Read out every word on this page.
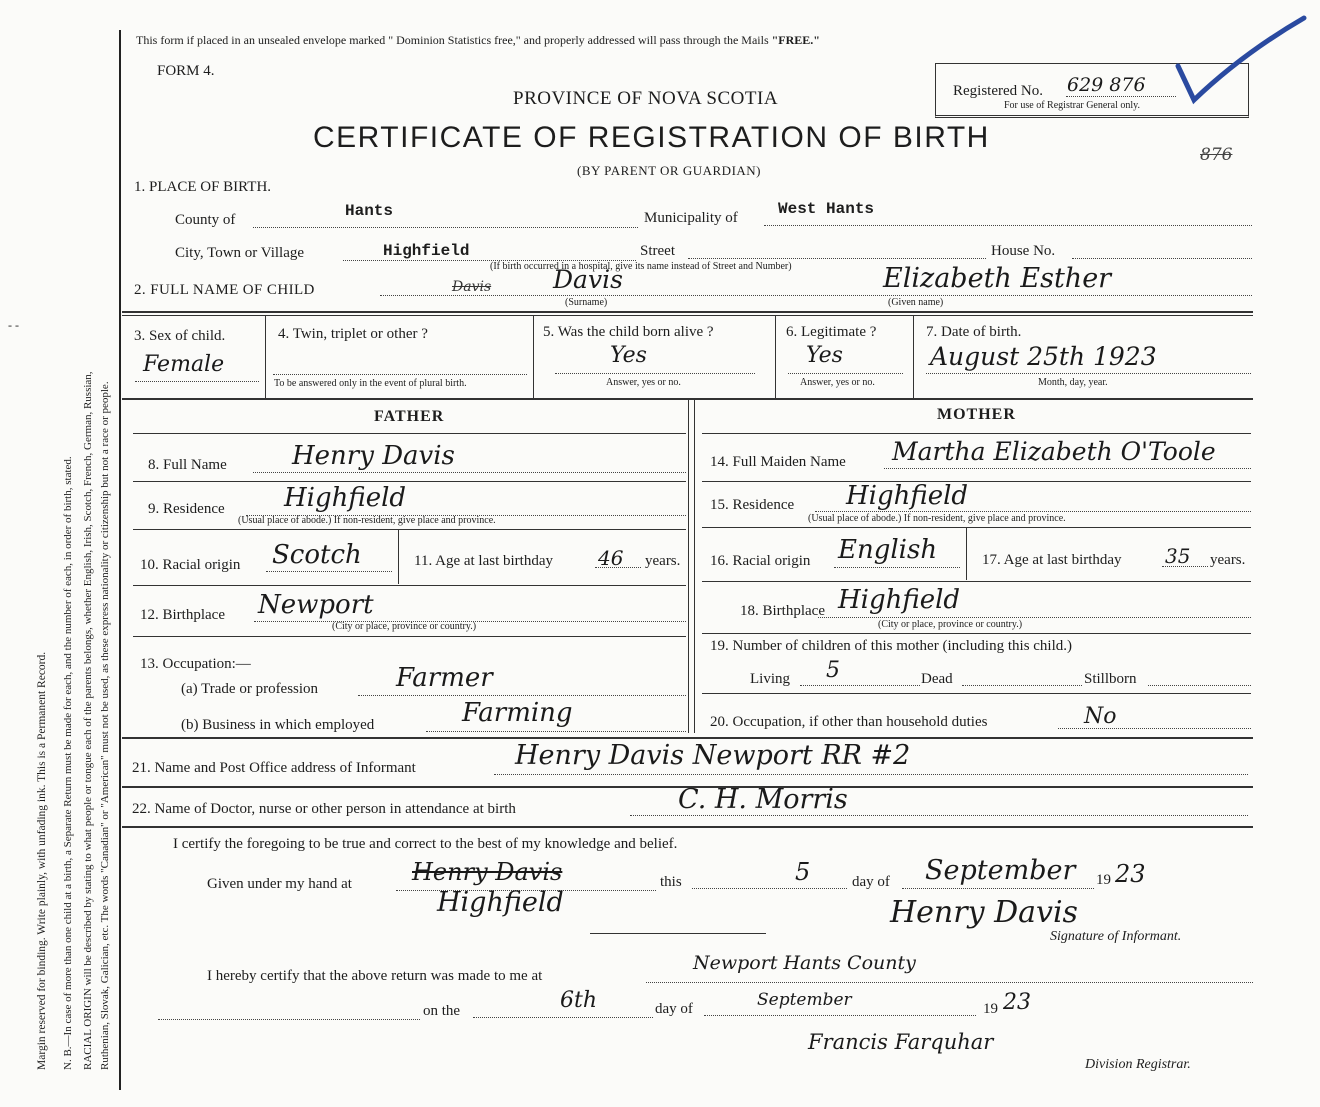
Margin reserved for binding. Write plainly, with unfading ink. This is a Permanent Record. N. B.—In case of more than one child at a birth, a Separate Return must be made for each, and the number of each, in order of birth, stated. RACIAL ORIGIN will be described by stating to what people or tongue each of the parents belongs, whether English, Irish, Scotch, French, German, Russian, Ruthenian, Slovak, Galician, etc. The words "Canadian" or "American" must not be used, as these express nationality or citizenship but not a race or people.
- -
This form if placed in an unsealed envelope marked " Dominion Statistics free," and properly addressed will pass through the Mails "FREE."
FORM 4.
PROVINCE OF NOVA SCOTIA
CERTIFICATE OF REGISTRATION OF BIRTH
(BY PARENT OR GUARDIAN)
Registered No. 629 876
For use of Registrar General only.
876
1. PLACE OF BIRTH.
County of	Hants	Municipality of	West Hants
City, Town or Village	Highfield	Street	House No.
(If birth occurred in a hospital, give its name instead of Street and Number)
2. FULL NAME OF CHILD	Davis Davis
(Surname)
Elizabeth Esther
(Given name)
3. Sex of child.
Female
4. Twin, triplet or other ?
To be answered only in the event of plural birth.
5. Was the child born alive ?
Yes
Answer, yes or no.
6. Legitimate ?
Yes
Answer, yes or no.
7. Date of birth.
August 25th 1923
Month, day, year.
FATHER	MOTHER
8. Full Name	Henry Davis
9. Residence Highfield
(Usual place of abode.) If non-resident, give place and province.
10. Racial origin Scotch	11. Age at last birthday 46 years.
12. Birthplace Newport
(City or place, province or country.)
13. Occupation:—
(a) Trade or profession	Farmer
(b) Business in which employed	Farming
14. Full Maiden Name Martha Elizabeth O'Toole
15. Residence Highfield
(Usual place of abode.) If non-resident, give place and province.
16. Racial origin English	17. Age at last birthday 35 years.
18. Birthplace Highfield
(City or place, province or country.)
19. Number of children of this mother (including this child.)
Living 5	Dead	Stillborn
20. Occupation, if other than household duties	No
21. Name and Post Office address of Informant	Henry Davis Newport RR #2
22. Name of Doctor, nurse or other person in attendance at birth	C. H. Morris
I certify the foregoing to be true and correct to the best of my knowledge and belief.
Given under my hand at	Henry Davis
Highfield
this	5	day of September 19 23
Henry Davis
Signature of Informant.
I hereby certify that the above return was made to me at
Newport Hants County
on the	6th	day of	September	19 23
Francis Farquhar
Division Registrar.
